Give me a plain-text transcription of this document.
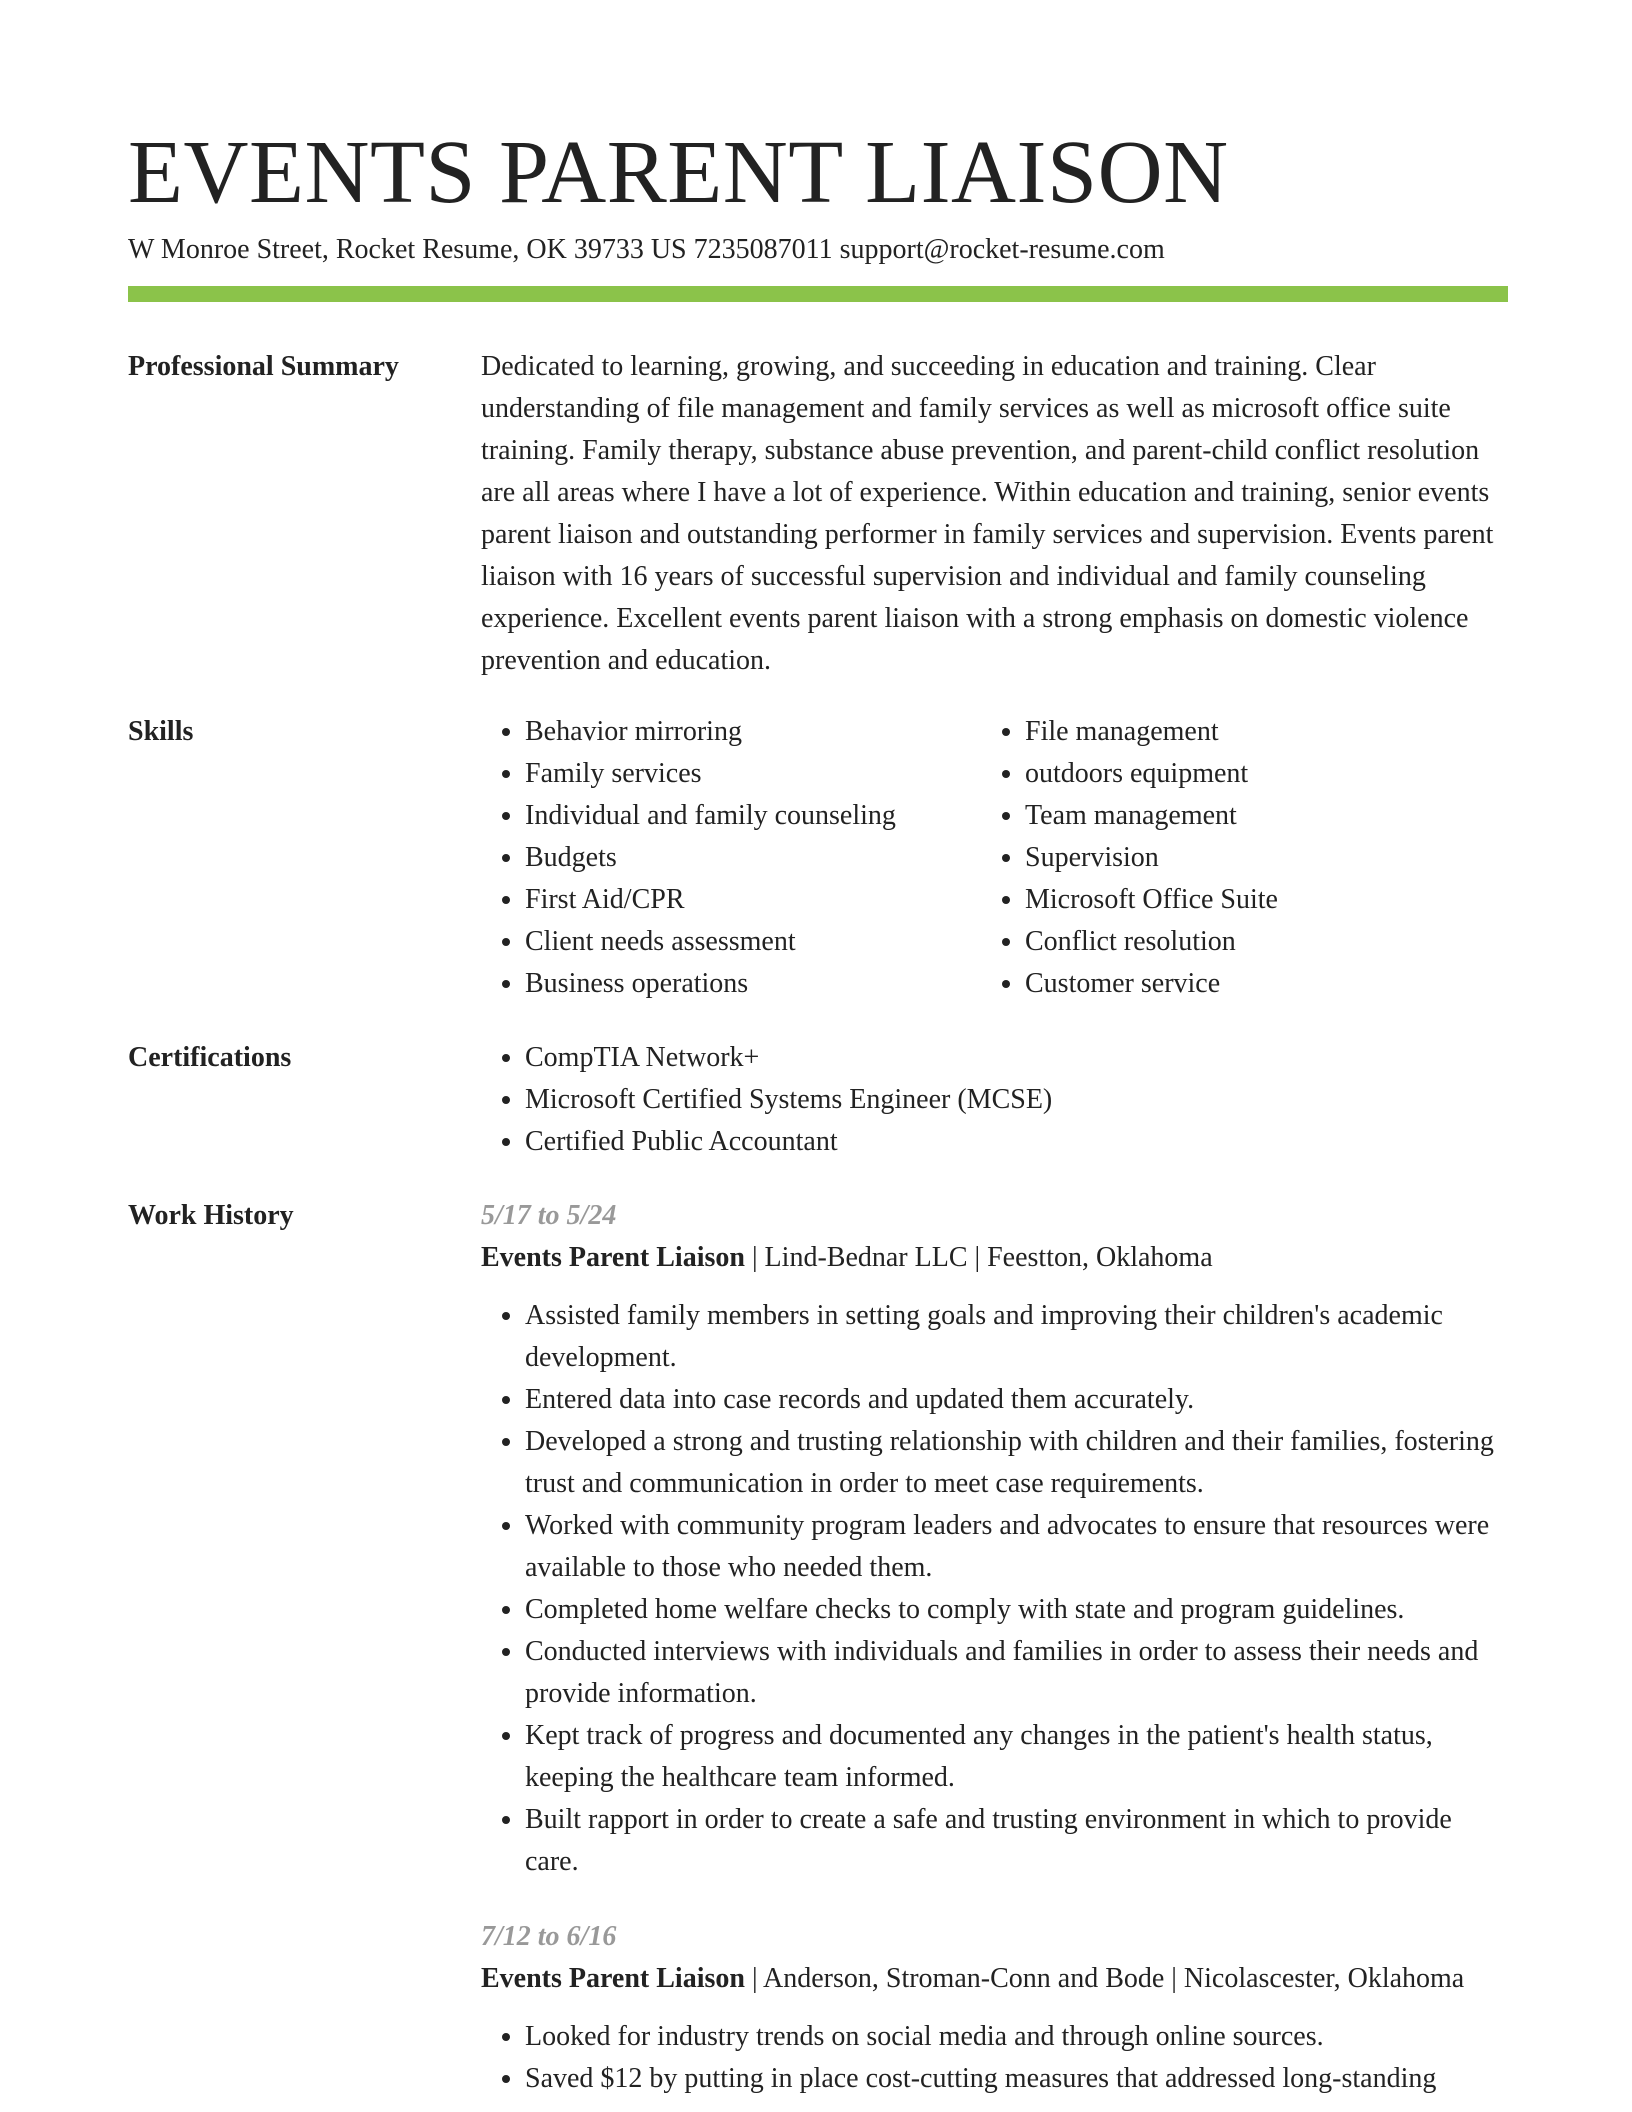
EVENTS PARENT LIAISON
W Monroe Street, Rocket Resume, OK 39733 US 7235087011 support@rocket-resume.com
Professional Summary	Dedicated to learning, growing, and succeeding in education and training. Clear understanding of file management and family services as well as microsoft office suite training. Family therapy, substance abuse prevention, and parent-child conflict resolution are all areas where I have a lot of experience. Within education and training, senior events parent liaison and outstanding performer in family services and supervision. Events parent liaison with 16 years of successful supervision and individual and family counseling experience. Excellent events parent liaison with a strong emphasis on domestic violence prevention and education.
Skills	• Behavior mirroring
• Family services
• Individual and family counseling
• Budgets
• First Aid/CPR
• Client needs assessment
• Business operations
• File management
• outdoors equipment
• Team management
• Supervision
• Microsoft Office Suite
• Conflict resolution
• Customer service
Certifications	• CompTIA Network+
• Microsoft Certified Systems Engineer (MCSE)
• Certified Public Accountant
Work History	5/17 to 5/24
Events Parent Liaison | Lind-Bednar LLC | Feestton, Oklahoma
• Assisted family members in setting goals and improving their children's academic development.
• Entered data into case records and updated them accurately.
• Developed a strong and trusting relationship with children and their families, fostering trust and communication in order to meet case requirements.
• Worked with community program leaders and advocates to ensure that resources were available to those who needed them.
• Completed home welfare checks to comply with state and program guidelines.
• Conducted interviews with individuals and families in order to assess their needs and provide information.
• Kept track of progress and documented any changes in the patient's health status, keeping the healthcare team informed.
• Built rapport in order to create a safe and trusting environment in which to provide care.
7/12 to 6/16
Events Parent Liaison | Anderson, Stroman-Conn and Bode | Nicolascester, Oklahoma
• Looked for industry trends on social media and through online sources.
• Saved $12 by putting in place cost-cutting measures that addressed long-standing
